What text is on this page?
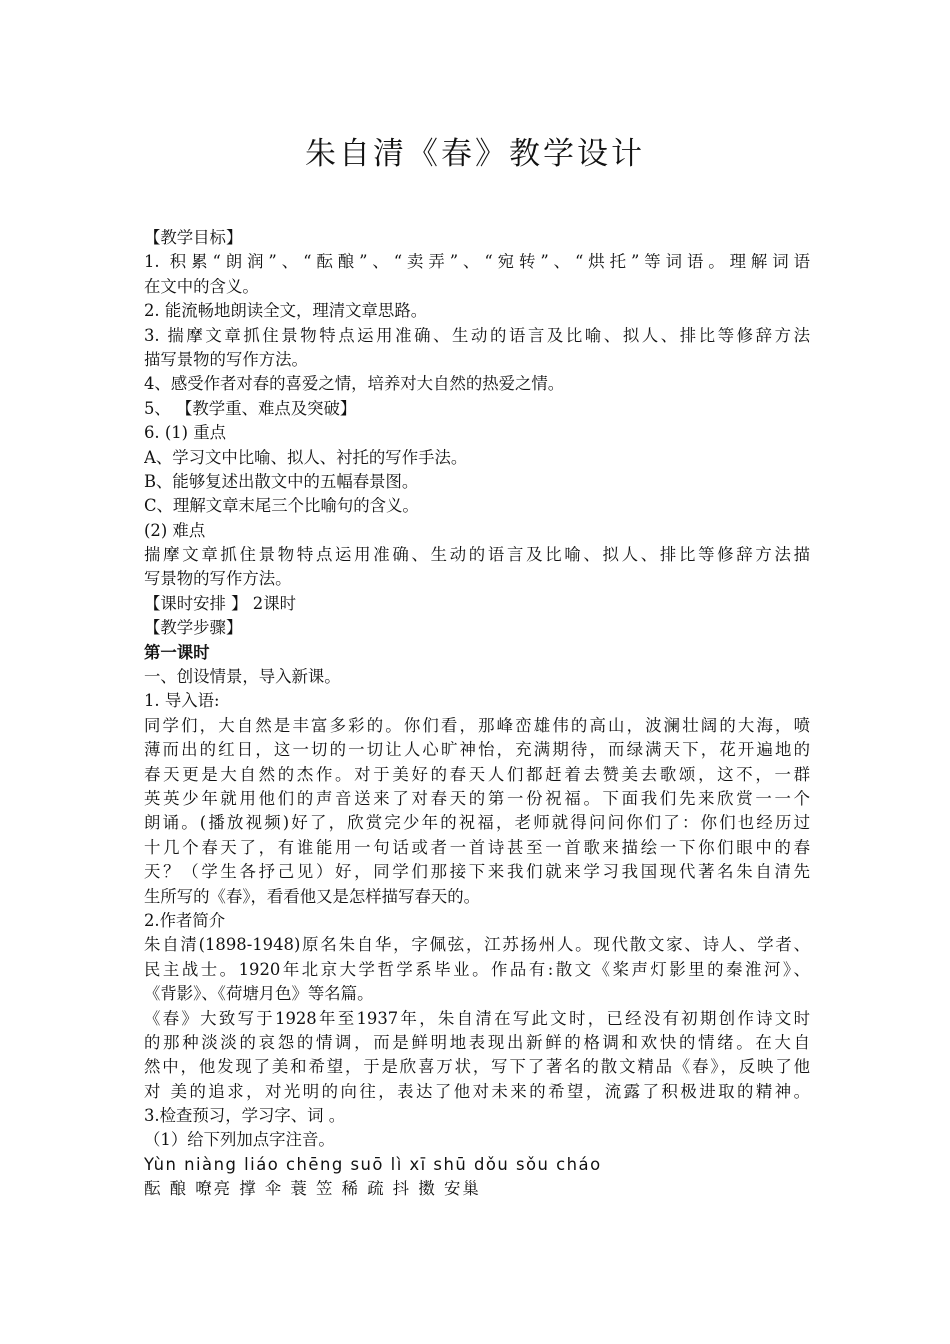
朱自清《春》教学设计
【教学目标】
1. 积累“朗润”、“酝酿”、“卖弄”、“宛转”、“烘托”等词语。理解词语
在文中的含义。
2. 能流畅地朗读全文，理清文章思路。
3. 揣摩文章抓住景物特点运用准确、生动的语言及比喻、拟人、排比等修辞方法
描写景物的写作方法。
4、感受作者对春的喜爱之情，培养对大自然的热爱之情。
5、 【教学重、难点及突破】
6. (1) 重点
A、学习文中比喻、拟人、衬托的写作手法。
B、能够复述出散文中的五幅春景图。
C、理解文章末尾三个比喻句的含义。
(2) 难点
揣摩文章抓住景物特点运用准确、生动的语言及比喻、拟人、排比等修辞方法描
写景物的写作方法。
【课时安排 】 2课时
【教学步骤】
第一课时
一、创设情景，导入新课。
1. 导入语:
同学们，大自然是丰富多彩的。你们看，那峰峦雄伟的高山，波澜壮阔的大海，喷
薄而出的红日，这一切的一切让人心旷神怡，充满期待，而绿满天下，花开遍地的
春天更是大自然的杰作。对于美好的春天人们都赶着去赞美去歌颂，这不，一群
英英少年就用他们的声音送来了对春天的第一份祝福。下面我们先来欣赏一一个
朗诵。(播放视频)好了，欣赏完少年的祝福，老师就得问问你们了：你们也经历过
十几个春天了，有谁能用一句话或者一首诗甚至一首歌来描绘一下你们眼中的春
天？（学生各抒己见）好，同学们那接下来我们就来学习我国现代著名朱自清先
生所写的《春》，看看他又是怎样描写春天的。
2.作者简介
朱自清(1898-1948)原名朱自华，字佩弦，江苏扬州人。现代散文家、诗人、学者、
民主战士。1920年北京大学哲学系毕业。作品有:散文《桨声灯影里的秦淮河》、
《背影》、《荷塘月色》等名篇。
《春》大致写于1928年至1937年，朱自清在写此文时，已经没有初期创作诗文时
的那种淡淡的哀怨的情调，而是鲜明地表现出新鲜的格调和欢快的情绪。在大自
然中，他发现了美和希望，于是欣喜万状，写下了著名的散文精品《春》，反映了他
对 美的追求，对光明的向往，表达了他对未来的希望，流露了积极进取的精神。
3.检查预习，学习字、词 。
（1）给下列加点字注音。
Yùn niàng liáo chēng suō lì xī shū dǒu sǒu cháo
酝 酿 嘹亮 撑 伞 蓑 笠 稀 疏 抖 擞 安巢
